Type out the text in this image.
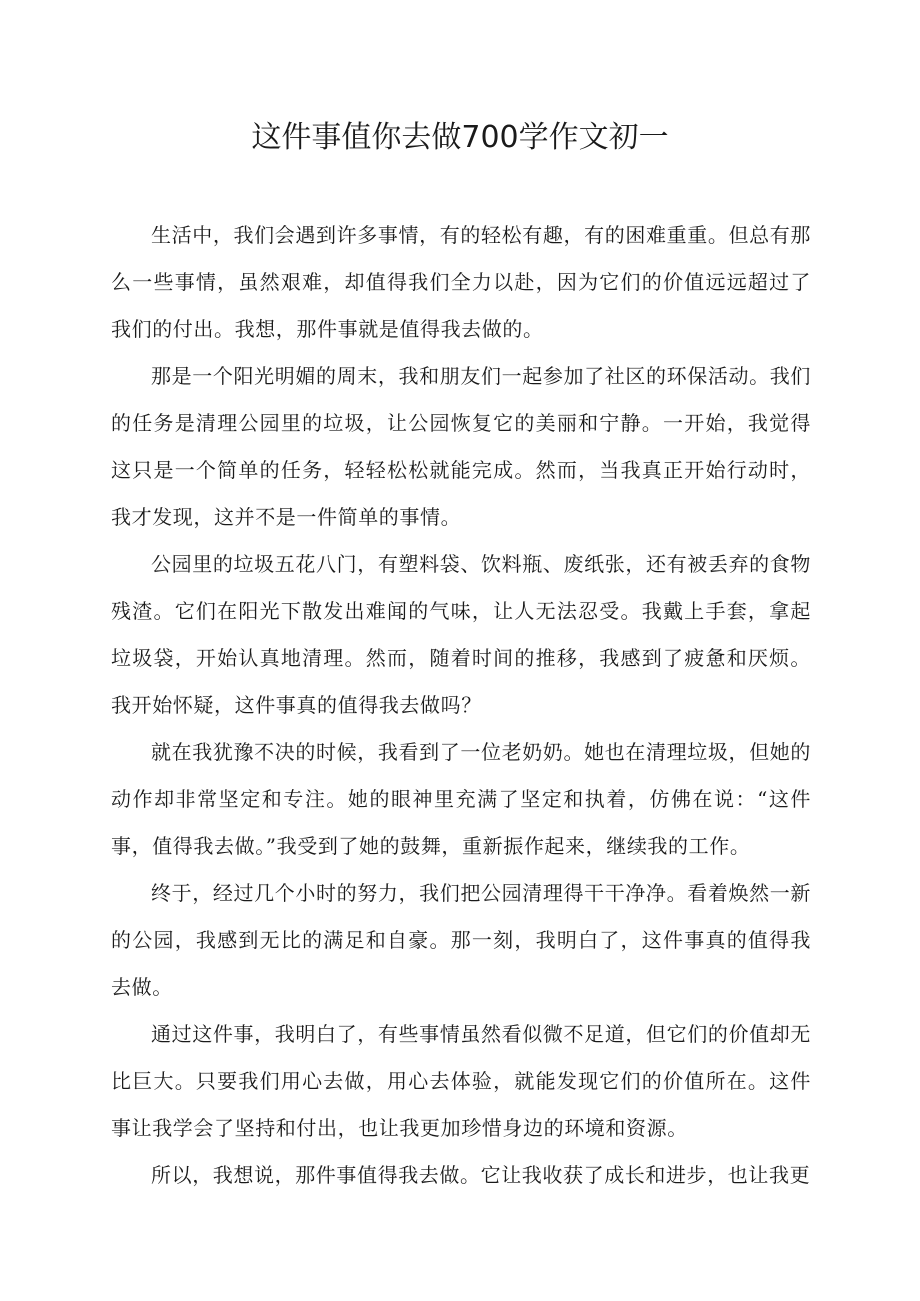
这件事值你去做700学作文初一

生活中，我们会遇到许多事情，有的轻松有趣，有的困难重重。但总有那么一些事情，虽然艰难，却值得我们全力以赴，因为它们的价值远远超过了我们的付出。我想，那件事就是值得我去做的。

那是一个阳光明媚的周末，我和朋友们一起参加了社区的环保活动。我们的任务是清理公园里的垃圾，让公园恢复它的美丽和宁静。一开始，我觉得这只是一个简单的任务，轻轻松松就能完成。然而，当我真正开始行动时，我才发现，这并不是一件简单的事情。

公园里的垃圾五花八门，有塑料袋、饮料瓶、废纸张，还有被丢弃的食物残渣。它们在阳光下散发出难闻的气味，让人无法忍受。我戴上手套，拿起垃圾袋，开始认真地清理。然而，随着时间的推移，我感到了疲惫和厌烦。我开始怀疑，这件事真的值得我去做吗？

就在我犹豫不决的时候，我看到了一位老奶奶。她也在清理垃圾，但她的动作却非常坚定和专注。她的眼神里充满了坚定和执着，仿佛在说：“这件事，值得我去做。”我受到了她的鼓舞，重新振作起来，继续我的工作。

终于，经过几个小时的努力，我们把公园清理得干干净净。看着焕然一新的公园，我感到无比的满足和自豪。那一刻，我明白了，这件事真的值得我去做。

通过这件事，我明白了，有些事情虽然看似微不足道，但它们的价值却无比巨大。只要我们用心去做，用心去体验，就能发现它们的价值所在。这件事让我学会了坚持和付出，也让我更加珍惜身边的环境和资源。

所以，我想说，那件事值得我去做。它让我收获了成长和进步，也让我更
